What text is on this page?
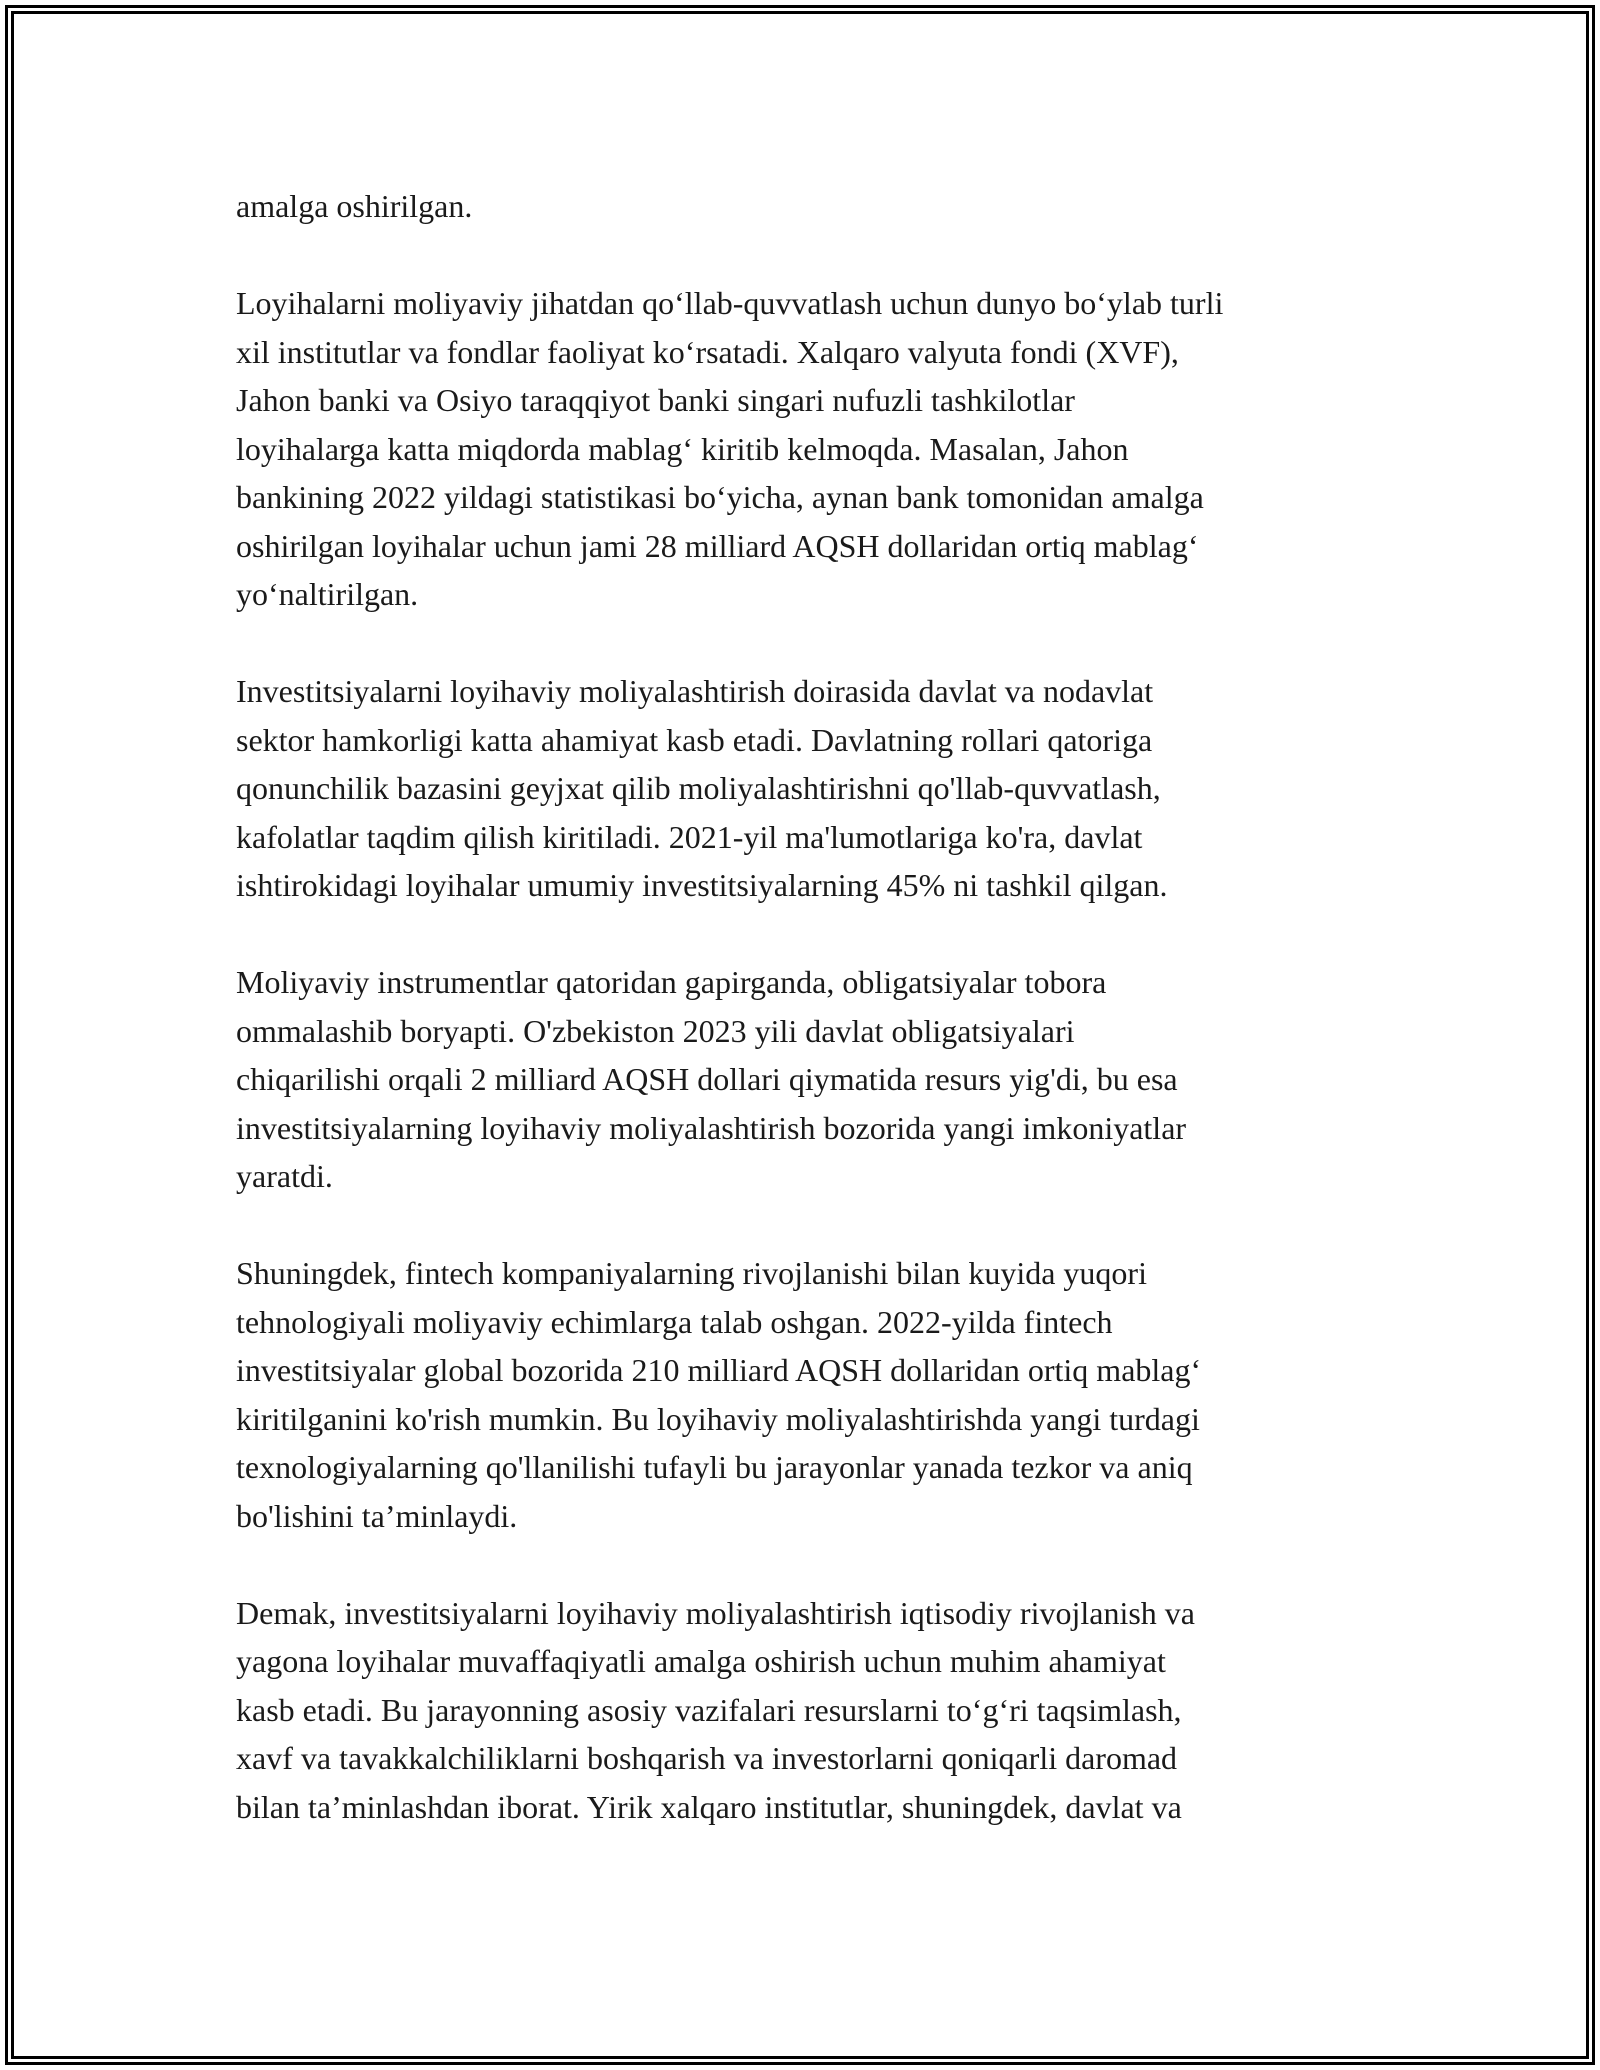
amalga oshirilgan.

Loyihalarni moliyaviy jihatdan qo‘llab-quvvatlash uchun dunyo bo‘ylab turli
xil institutlar va fondlar faoliyat ko‘rsatadi. Xalqaro valyuta fondi (XVF),
Jahon banki va Osiyo taraqqiyot banki singari nufuzli tashkilotlar
loyihalarga katta miqdorda mablag‘ kiritib kelmoqda. Masalan, Jahon
bankining 2022 yildagi statistikasi bo‘yicha, aynan bank tomonidan amalga
oshirilgan loyihalar uchun jami 28 milliard AQSH dollaridan ortiq mablag‘
yo‘naltirilgan.

Investitsiyalarni loyihaviy moliyalashtirish doirasida davlat va nodavlat
sektor hamkorligi katta ahamiyat kasb etadi. Davlatning rollari qatoriga
qonunchilik bazasini geyjxat qilib moliyalashtirishni qo'llab-quvvatlash,
kafolatlar taqdim qilish kiritiladi. 2021-yil ma'lumotlariga ko'ra, davlat
ishtirokidagi loyihalar umumiy investitsiyalarning 45% ni tashkil qilgan.

Moliyaviy instrumentlar qatoridan gapirganda, obligatsiyalar tobora
ommalashib boryapti. O'zbekiston 2023 yili davlat obligatsiyalari
chiqarilishi orqali 2 milliard AQSH dollari qiymatida resurs yig'di, bu esa
investitsiyalarning loyihaviy moliyalashtirish bozorida yangi imkoniyatlar
yaratdi.

Shuningdek, fintech kompaniyalarning rivojlanishi bilan kuyida yuqori
tehnologiyali moliyaviy echimlarga talab oshgan. 2022-yilda fintech
investitsiyalar global bozorida 210 milliard AQSH dollaridan ortiq mablag‘
kiritilganini ko'rish mumkin. Bu loyihaviy moliyalashtirishda yangi turdagi
texnologiyalarning qo'llanilishi tufayli bu jarayonlar yanada tezkor va aniq
bo'lishini ta’minlaydi.

Demak, investitsiyalarni loyihaviy moliyalashtirish iqtisodiy rivojlanish va
yagona loyihalar muvaffaqiyatli amalga oshirish uchun muhim ahamiyat
kasb etadi. Bu jarayonning asosiy vazifalari resurslarni to‘g‘ri taqsimlash,
xavf va tavakkalchiliklarni boshqarish va investorlarni qoniqarli daromad
bilan ta’minlashdan iborat. Yirik xalqaro institutlar, shuningdek, davlat va
